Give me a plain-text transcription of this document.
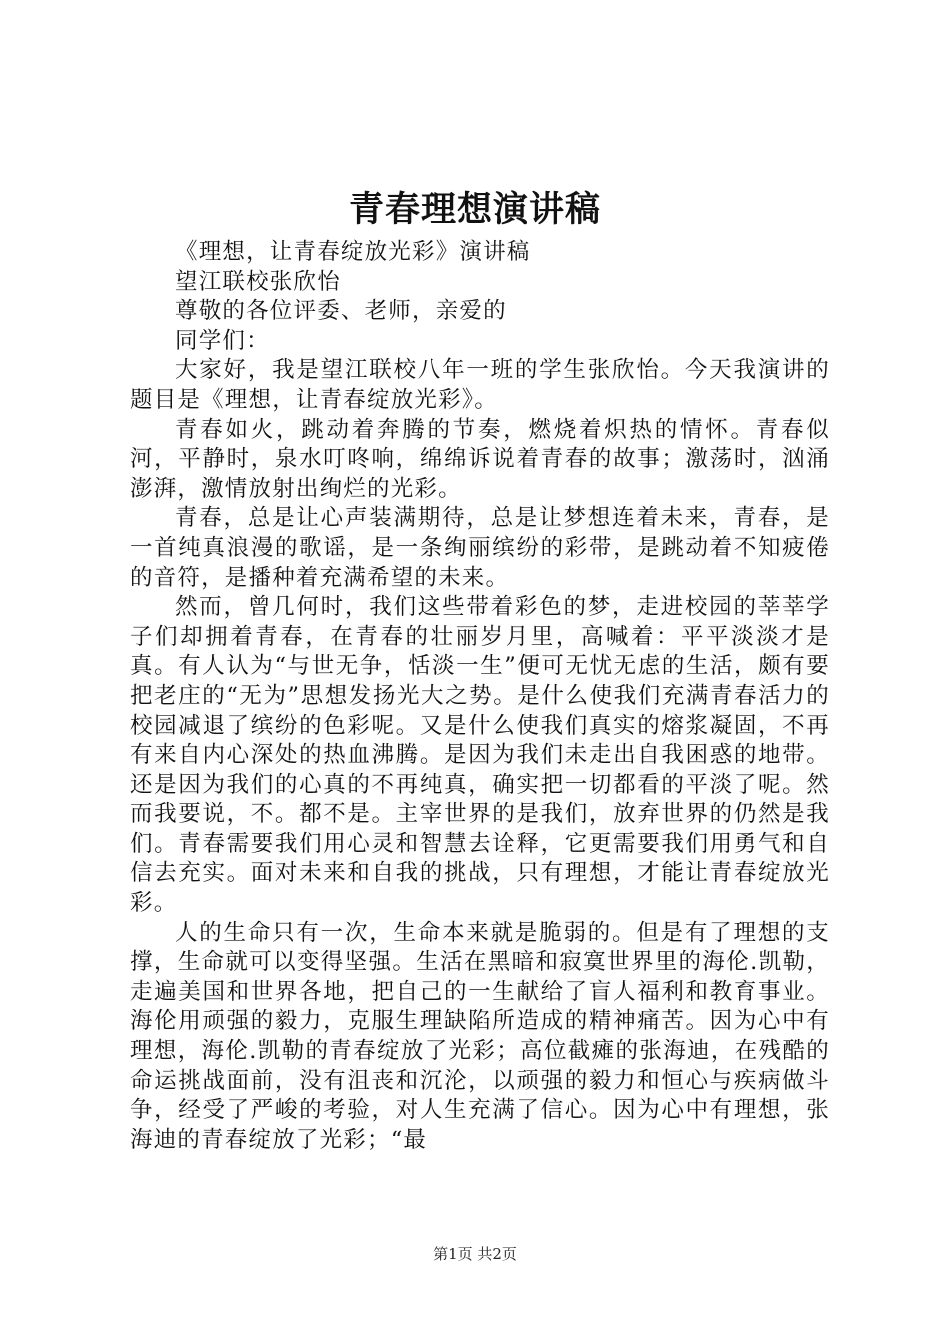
青春理想演讲稿

《理想，让青春绽放光彩》演讲稿

望江联校张欣怡

尊敬的各位评委、老师，亲爱的

同学们：

大家好，我是望江联校八年一班的学生张欣怡。今天我演讲的题目是《理想，让青春绽放光彩》。

青春如火，跳动着奔腾的节奏，燃烧着炽热的情怀。青春似河，平静时，泉水叮咚响，绵绵诉说着青春的故事；激荡时，汹涌澎湃，激情放射出绚烂的光彩。

青春，总是让心声装满期待，总是让梦想连着未来，青春，是一首纯真浪漫的歌谣，是一条绚丽缤纷的彩带，是跳动着不知疲倦的音符，是播种着充满希望的未来。

然而，曾几何时，我们这些带着彩色的梦，走进校园的莘莘学子们却拥着青春，在青春的壮丽岁月里，高喊着：平平淡淡才是真。有人认为“与世无争，恬淡一生”便可无忧无虑的生活，颇有要把老庄的“无为”思想发扬光大之势。是什么使我们充满青春活力的校园减退了缤纷的色彩呢。又是什么使我们真实的熔浆凝固，不再有来自内心深处的热血沸腾。是因为我们未走出自我困惑的地带。还是因为我们的心真的不再纯真，确实把一切都看的平淡了呢。然而我要说，不。都不是。主宰世界的是我们，放弃世界的仍然是我们。青春需要我们用心灵和智慧去诠释，它更需要我们用勇气和自信去充实。面对未来和自我的挑战，只有理想，才能让青春绽放光彩。

人的生命只有一次，生命本来就是脆弱的。但是有了理想的支撑，生命就可以变得坚强。生活在黑暗和寂寞世界里的海伦.凯勒，走遍美国和世界各地，把自己的一生献给了盲人福利和教育事业。海伦用顽强的毅力，克服生理缺陷所造成的精神痛苦。因为心中有理想，海伦.凯勒的青春绽放了光彩；高位截瘫的张海迪，在残酷的命运挑战面前，没有沮丧和沉沦，以顽强的毅力和恒心与疾病做斗争，经受了严峻的考验，对人生充满了信心。因为心中有理想，张海迪的青春绽放了光彩；“最

第1页 共2页
